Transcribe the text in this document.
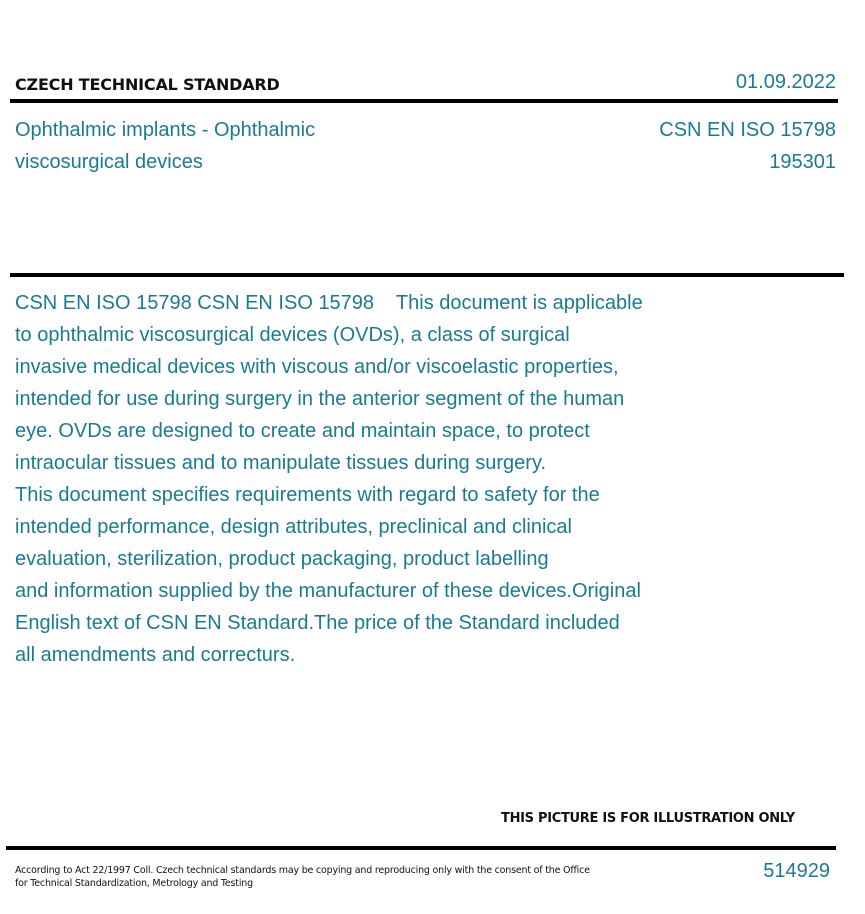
CZECH TECHNICAL STANDARD	01.09.2022
Ophthalmic implants - Ophthalmic
viscosurgical devices
CSN EN ISO 15798
195301
CSN EN ISO 15798 CSN EN ISO 15798    This document is applicable
to ophthalmic viscosurgical devices (OVDs), a class of surgical
invasive medical devices with viscous and/or viscoelastic properties,
intended for use during surgery in the anterior segment of the human
eye. OVDs are designed to create and maintain space, to protect
intraocular tissues and to manipulate tissues during surgery.
This document specifies requirements with regard to safety for the
intended performance, design attributes, preclinical and clinical
evaluation, sterilization, product packaging, product labelling
and information supplied by the manufacturer of these devices.Original
English text of CSN EN Standard.The price of the Standard included
all amendments and correcturs.
THIS PICTURE IS FOR ILLUSTRATION ONLY
According to Act 22/1997 Coll. Czech technical standards may be copying and reproducing only with the consent of the Office
for Technical Standardization, Metrology and Testing
514929
